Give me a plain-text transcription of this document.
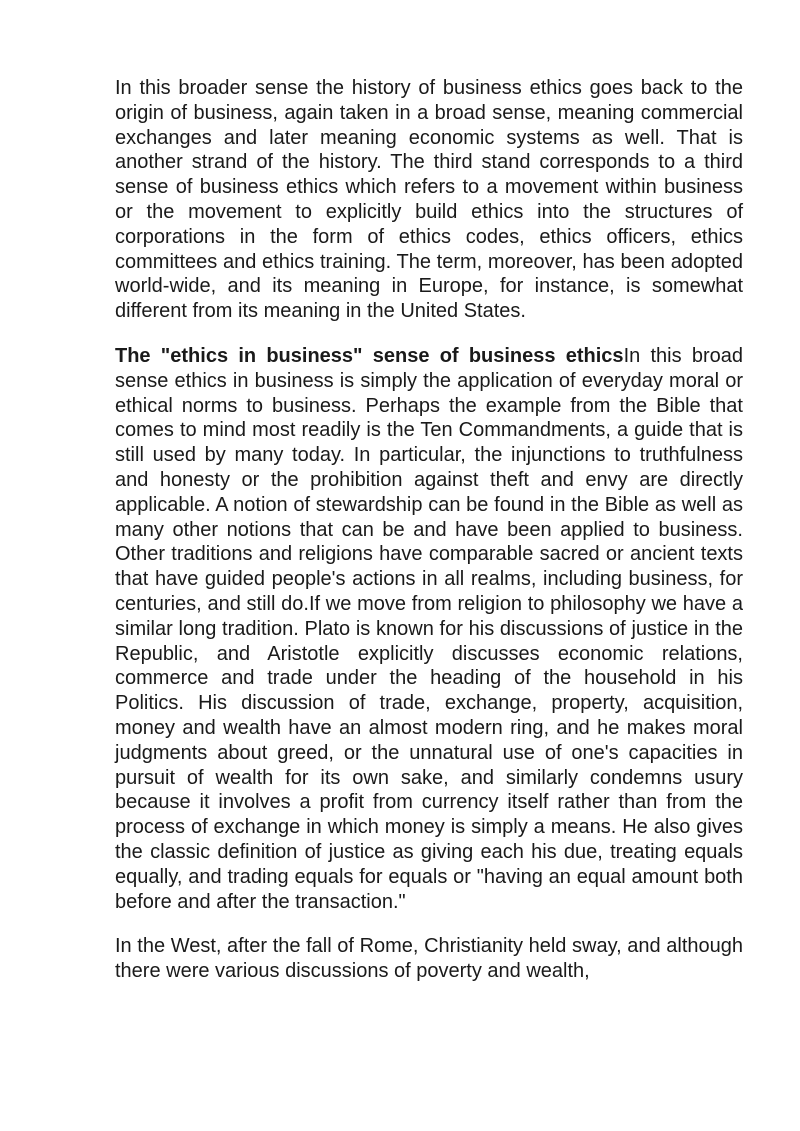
In this broader sense the history of business ethics goes back to the origin of business, again taken in a broad sense, meaning commercial exchanges and later meaning economic systems as well. That is another strand of the history. The third stand corresponds to a third sense of business ethics which refers to a movement within business or the movement to explicitly build ethics into the structures of corporations in the form of ethics codes, ethics officers, ethics committees and ethics training. The term, moreover, has been adopted world-wide, and its meaning in Europe, for instance, is somewhat different from its meaning in the United States.

The "ethics in business" sense of business ethicsIn this broad sense ethics in business is simply the application of everyday moral or ethical norms to business. Perhaps the example from the Bible that comes to mind most readily is the Ten Commandments, a guide that is still used by many today. In particular, the injunctions to truthfulness and honesty or the prohibition against theft and envy are directly applicable. A notion of stewardship can be found in the Bible as well as many other notions that can be and have been applied to business. Other traditions and religions have comparable sacred or ancient texts that have guided people's actions in all realms, including business, for centuries, and still do.If we move from religion to philosophy we have a similar long tradition. Plato is known for his discussions of justice in the Republic, and Aristotle explicitly discusses economic relations, commerce and trade under the heading of the household in his Politics. His discussion of trade, exchange, property, acquisition, money and wealth have an almost modern ring, and he makes moral judgments about greed, or the unnatural use of one's capacities in pursuit of wealth for its own sake, and similarly condemns usury because it involves a profit from currency itself rather than from the process of exchange in which money is simply a means. He also gives the classic definition of justice as giving each his due, treating equals equally, and trading equals for equals or "having an equal amount both before and after the transaction."

In the West, after the fall of Rome, Christianity held sway, and although there were various discussions of poverty and wealth,
